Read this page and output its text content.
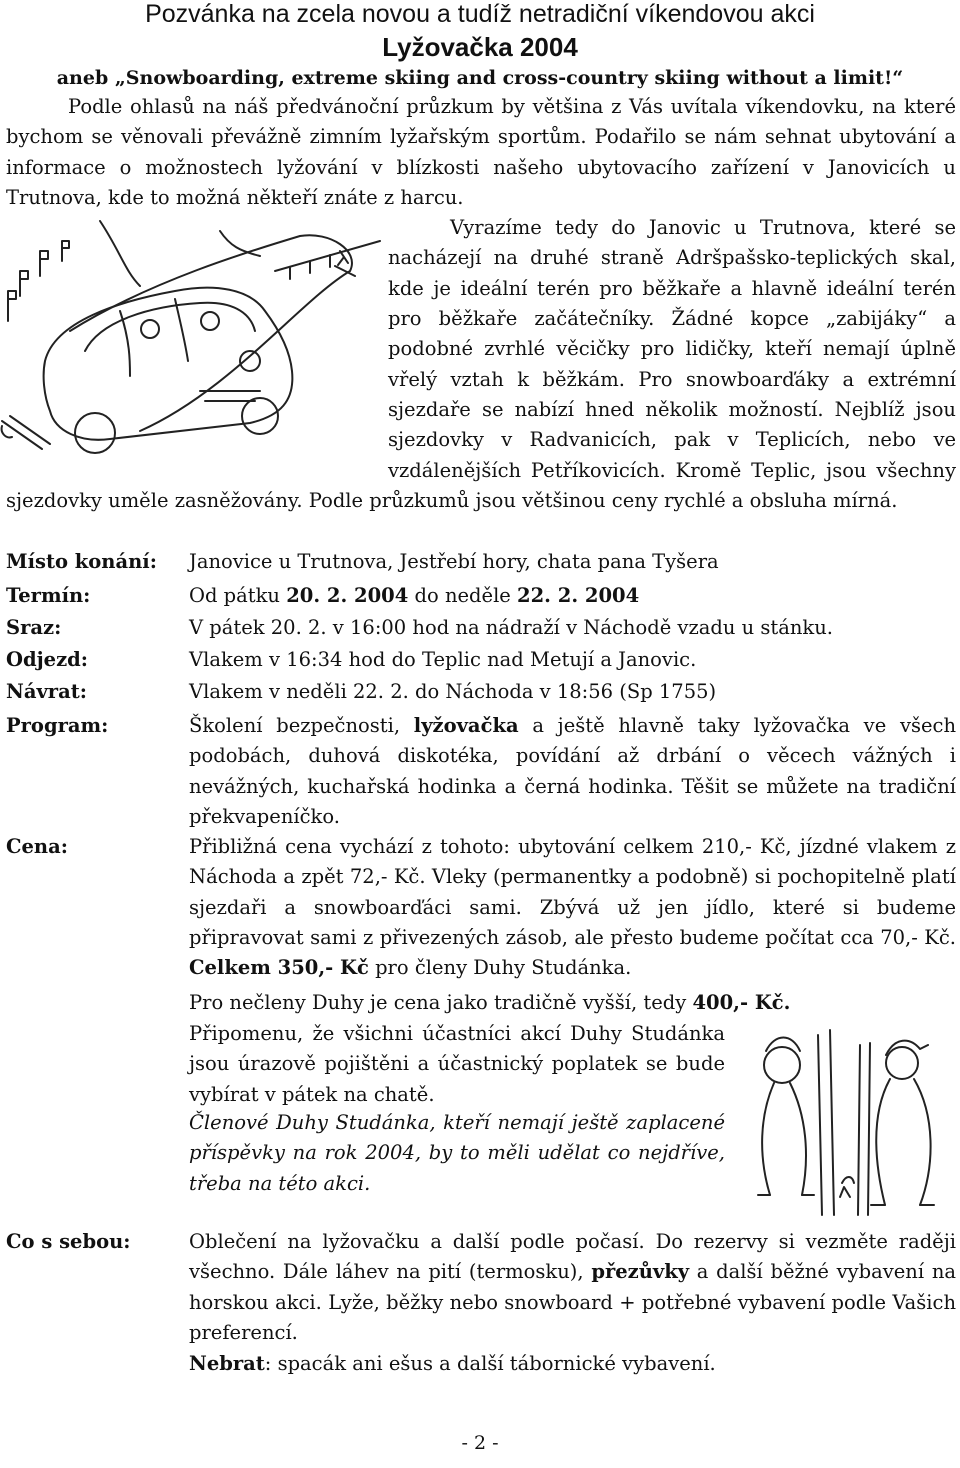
Pozvánka na zcela novou a tudíž netradiční víkendovou akci
Lyžovačka 2004
aneb „Snowboarding, extreme skiing and cross-country skiing without a limit!“
Podle ohlasů na náš předvánoční průzkum by většina z Vás uvítala víkendovku, na které bychom se věnovali převážně zimním lyžařským sportům. Podařilo se nám sehnat ubytování a informace o možnostech lyžování v blízkosti našeho ubytovacího zařízení v Janovicích u Trutnova, kde to možná někteří znáte z harcu.
Vyrazíme tedy do Janovic u Trutnova, které se nacházejí na druhé straně Adršpašsko-teplických skal, kde je ideální terén pro běžkaře a hlavně ideální terén pro běžkaře začátečníky. Žádné kopce „zabijáky“ a podobné zvrhlé věcičky pro lidičky, kteří nemají úplně vřelý vztah k běžkám. Pro snowboarďáky a extrémní sjezdaře se nabízí hned několik možností. Nejblíž jsou sjezdovky v Radvanicích, pak v Teplicích, nebo ve vzdálenějších Petříkovicích. Kromě Teplic, jsou všechny sjezdovky uměle zasněžovány. Podle průzkumů jsou většinou ceny rychlé a obsluha mírná.
Místo konání: Janovice u Trutnova, Jestřebí hory, chata pana Tyšera
Termín:	Od pátku 20. 2. 2004 do neděle 22. 2. 2004
Sraz:	V pátek 20. 2. v 16:00 hod na nádraží v Náchodě vzadu u stánku.
Odjezd:	Vlakem v 16:34 hod do Teplic nad Metují a Janovic.
Návrat:	Vlakem v neděli 22. 2. do Náchoda v 18:56 (Sp 1755)
Program:	Školení bezpečnosti, lyžovačka a ještě hlavně taky lyžovačka ve všech podobách, duhová diskotéka, povídání až drbání o věcech vážných i nevážných, kuchařská hodinka a černá hodinka. Těšit se můžete na tradiční překvapeníčko.
Cena:	Přibližná cena vychází z tohoto: ubytování celkem 210,- Kč, jízdné vlakem z Náchoda a zpět 72,- Kč. Vleky (permanentky a podobně) si pochopitelně platí sjezdaři a snowboarďáci sami. Zbývá už jen jídlo, které si budeme připravovat sami z přivezených zásob, ale přesto budeme počítat cca 70,- Kč. Celkem 350,- Kč pro členy Duhy Studánka.
Pro nečleny Duhy je cena jako tradičně vyšší, tedy 400,- Kč.
Připomenu, že všichni účastníci akcí Duhy Studánka jsou úrazově pojištěni a účastnický poplatek se bude vybírat v pátek na chatě.
Členové Duhy Studánka, kteří nemají ještě zaplacené příspěvky na rok 2004, by to měli udělat co nejdříve, třeba na této akci.
Co s sebou:	Oblečení na lyžovačku a další podle počasí. Do rezervy si vezměte raději všechno. Dále láhev na pití (termosku), přezůvky a další běžné vybavení na horskou akci. Lyže, běžky nebo snowboard + potřebné vybavení podle Vašich preferencí.
Nebrat: spacák ani ešus a další tábornické vybavení.
- 2 -
